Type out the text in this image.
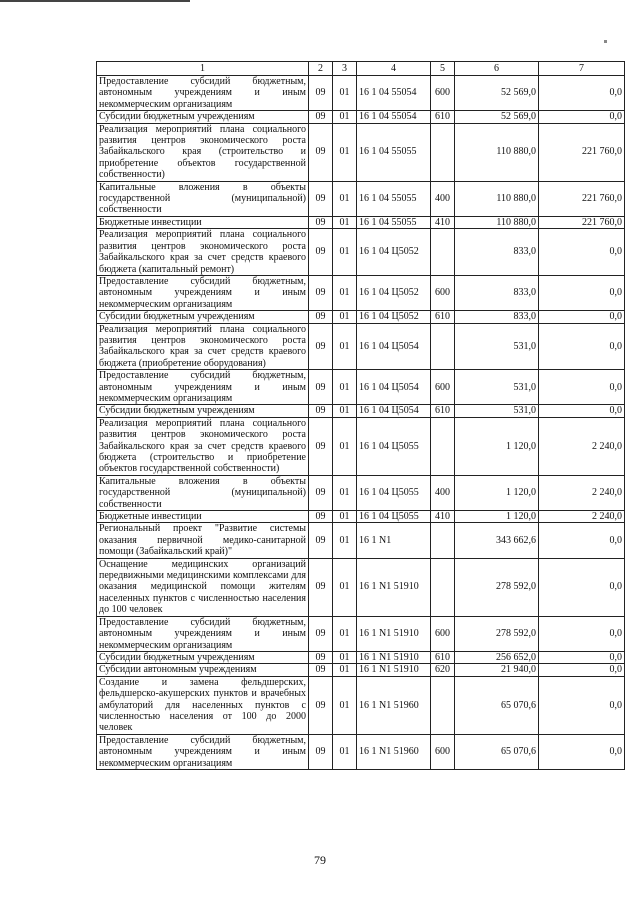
1	2	3	4	5	6	7
Предоставление субсидий бюджетным, автономным учреждениям и иным некоммерческим организациям	09	01	16 1 04 55054	600	52 569,0	0,0
Субсидии бюджетным учреждениям	09	01	16 1 04 55054	610	52 569,0	0,0
Реализация мероприятий плана социального развития центров экономического роста Забайкальского края (строительство и приобретение объектов государственной собственности)	09	01	16 1 04 55055		110 880,0	221 760,0
Капитальные вложения в объекты государственной (муниципальной) собственности	09	01	16 1 04 55055	400	110 880,0	221 760,0
Бюджетные инвестиции	09	01	16 1 04 55055	410	110 880,0	221 760,0
Реализация мероприятий плана социального развития центров экономического роста Забайкальского края за счет средств краевого бюджета (капитальный ремонт)	09	01	16 1 04 Ц5052		833,0	0,0
Предоставление субсидий бюджетным, автономным учреждениям и иным некоммерческим организациям	09	01	16 1 04 Ц5052	600	833,0	0,0
Субсидии бюджетным учреждениям	09	01	16 1 04 Ц5052	610	833,0	0,0
Реализация мероприятий плана социального развития центров экономического роста Забайкальского края за счет средств краевого бюджета (приобретение оборудования)	09	01	16 1 04 Ц5054		531,0	0,0
Предоставление субсидий бюджетным, автономным учреждениям и иным некоммерческим организациям	09	01	16 1 04 Ц5054	600	531,0	0,0
Субсидии бюджетным учреждениям	09	01	16 1 04 Ц5054	610	531,0	0,0
Реализация мероприятий плана социального развития центров экономического роста Забайкальского края за счет средств краевого бюджета (строительство и приобретение объектов государственной собственности)	09	01	16 1 04 Ц5055		1 120,0	2 240,0
Капитальные вложения в объекты государственной (муниципальной) собственности	09	01	16 1 04 Ц5055	400	1 120,0	2 240,0
Бюджетные инвестиции	09	01	16 1 04 Ц5055	410	1 120,0	2 240,0
Региональный проект "Развитие системы оказания первичной медико-санитарной помощи (Забайкальский край)"	09	01	16 1 N1		343 662,6	0,0
Оснащение медицинских организаций передвижными медицинскими комплексами для оказания медицинской помощи жителям населенных пунктов с численностью населения до 100 человек	09	01	16 1 N1 51910		278 592,0	0,0
Предоставление субсидий бюджетным, автономным учреждениям и иным некоммерческим организациям	09	01	16 1 N1 51910	600	278 592,0	0,0
Субсидии бюджетным учреждениям	09	01	16 1 N1 51910	610	256 652,0	0,0
Субсидии автономным учреждениям	09	01	16 1 N1 51910	620	21 940,0	0,0
Создание и замена фельдшерских, фельдшерско-акушерских пунктов и врачебных амбулаторий для населенных пунктов с численностью населения от 100 до 2000 человек	09	01	16 1 N1 51960		65 070,6	0,0
Предоставление субсидий бюджетным, автономным учреждениям и иным некоммерческим организациям	09	01	16 1 N1 51960	600	65 070,6	0,0
79
